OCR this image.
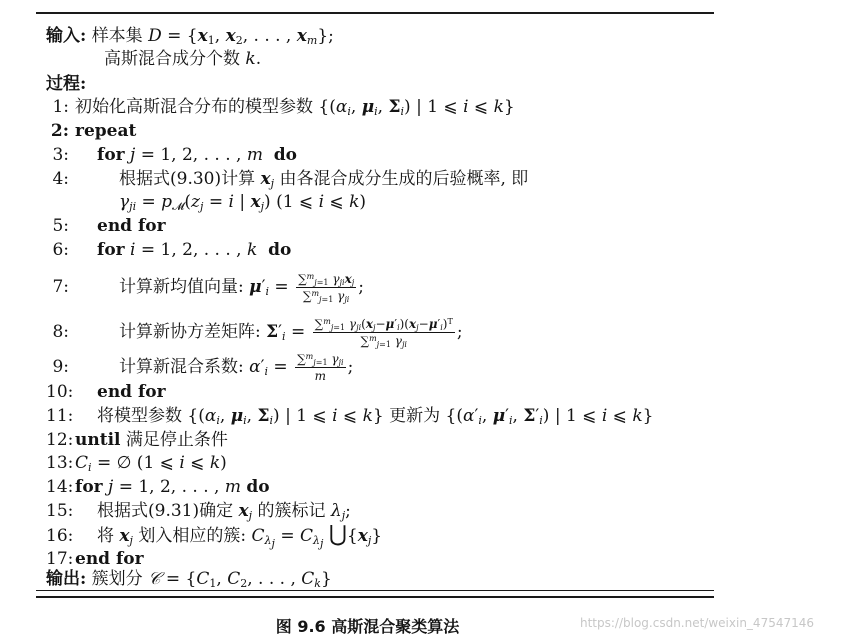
输入: 样本集 $D = \{x_1$, $x_2$, . . . , $x_m$};
高斯混合成分个数 k.
过程:
1: 初始化高斯混合分布的模型参数 {($\alpha_i$, $\mu_i$, $\Sigma_i$) | 1 ⩽ i ⩽ k}
2: repeat
3: for j = 1, 2, . . . , m do
4:	根据式(9.30)计算 $x_j$ 由各混合成分生成的后验概率, 即
$\gamma_{ji} = p_𝓜(z_j = i$ | $x_j$) (1 ⩽ i ⩽ k)
5: end for
6: for i = 1, 2, . . . , k do
7:	计算新均值向量: $\mu'_i = \frac{\sum^m_{j=1} \gamma_{ji}x_j}{\sum^m_{j=1} \gamma_{ji}}$ ;
8:	计算新协方差矩阵: $\Sigma'_i = \frac{\sum^m_{j=1} \gamma_{ji}(x_j-\mu'_i)(x_j-\mu'_i)^T}{\sum^m_{j=1} \gamma_{ji}}$ ;
9:	计算新混合系数: $\alpha'_i = \frac{\sum^m_{j=1} \gamma_{ji}}{m}$ ;
10: end for
11: 将模型参数 {($\alpha_i$, $\mu_i$, $\Sigma_i$) | 1 ⩽ i ⩽ k} 更新为 {($\alpha'_i$, $\mu'_i$, $\Sigma'_i$) | 1 ⩽ i ⩽ k}
12:until 满足停止条件
$13:C_i$ = ∅ (1 ⩽ i ⩽ k)
14:for j = 1, 2, . . . , m do
15: 根据式(9.31)确定 $x_j$ 的簇标记 $\lambda_j$;
16: 将 $x_j$ 划入相应的簇: $C_{\lambda_j} = C_{\lambda_j}$ $⋃\{x_j\}$
17:end for
输出: 簇划分 𝒞 = {$C_1$, $C_2$, . . . , $C_k$}
图 9.6 高斯混合聚类算法	https://blog.csdn.net/weixin_47547146
